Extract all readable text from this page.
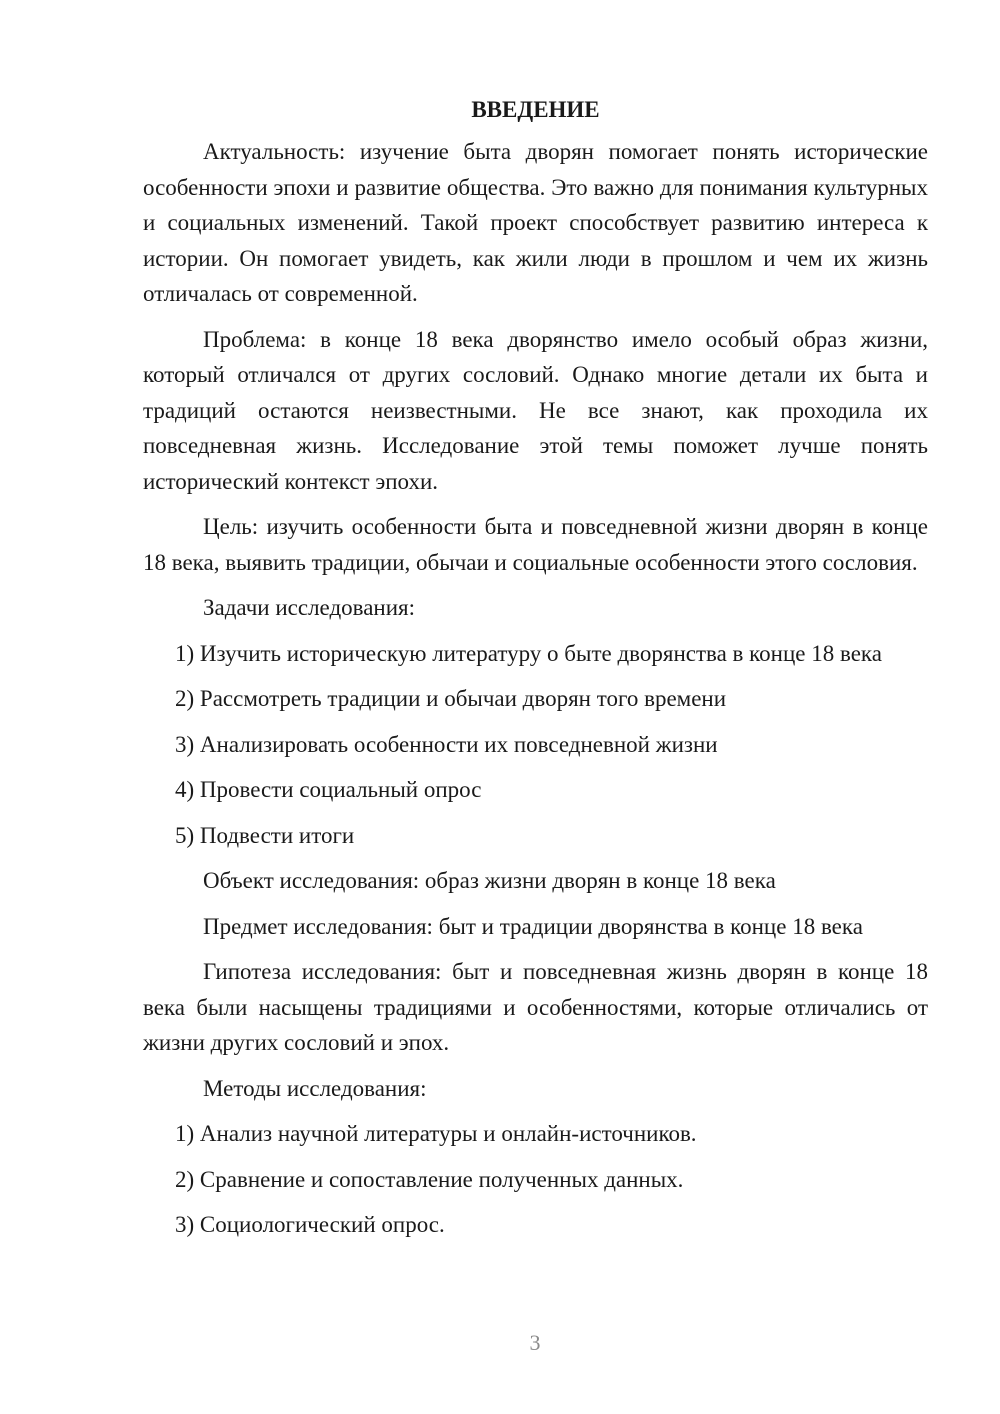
ВВЕДЕНИЕ

Актуальность: изучение быта дворян помогает понять исторические особенности эпохи и развитие общества. Это важно для понимания культурных и социальных изменений. Такой проект способствует развитию интереса к истории. Он помогает увидеть, как жили люди в прошлом и чем их жизнь отличалась от современной.

Проблема: в конце 18 века дворянство имело особый образ жизни, который отличался от других сословий. Однако многие детали их быта и традиций остаются неизвестными. Не все знают, как проходила их повседневная жизнь. Исследование этой темы поможет лучше понять исторический контекст эпохи.

Цель: изучить особенности быта и повседневной жизни дворян в конце 18 века, выявить традиции, обычаи и социальные особенности этого сословия.

Задачи исследования:

1) Изучить историческую литературу о быте дворянства в конце 18 века

2) Рассмотреть традиции и обычаи дворян того времени

3) Анализировать особенности их повседневной жизни

4) Провести социальный опрос

5) Подвести итоги

Объект исследования: образ жизни дворян в конце 18 века

Предмет исследования: быт и традиции дворянства в конце 18 века

Гипотеза исследования: быт и повседневная жизнь дворян в конце 18 века были насыщены традициями и особенностями, которые отличались от жизни других сословий и эпох.

Методы исследования:

1) Анализ научной литературы и онлайн-источников.

2) Сравнение и сопоставление полученных данных.

3) Социологический опрос.

3
